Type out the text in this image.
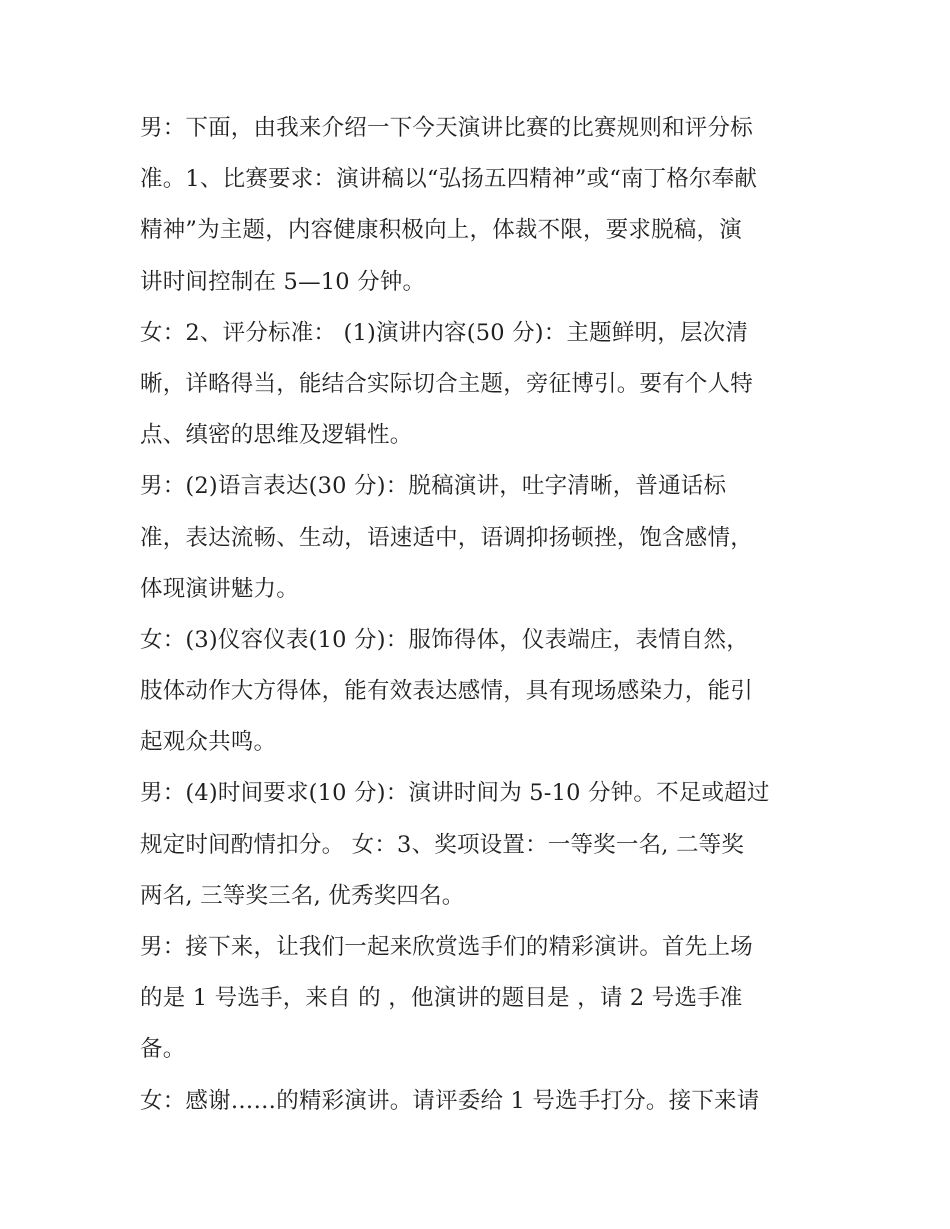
男：下面，由我来介绍一下今天演讲比赛的比赛规则和评分标
准。1、比赛要求：演讲稿以“弘扬五四精神”或“南丁格尔奉献
精神”为主题，内容健康积极向上，体裁不限，要求脱稿，演
讲时间控制在 5—10 分钟。
女：2、评分标准： (1)演讲内容(50 分)：主题鲜明，层次清
晰，详略得当，能结合实际切合主题，旁征博引。要有个人特
点、缜密的思维及逻辑性。
男：(2)语言表达(30 分)：脱稿演讲，吐字清晰，普通话标
准，表达流畅、生动，语速适中，语调抑扬顿挫，饱含感情，
体现演讲魅力。
女：(3)仪容仪表(10 分)：服饰得体，仪表端庄，表情自然，
肢体动作大方得体，能有效表达感情，具有现场感染力，能引
起观众共鸣。
男：(4)时间要求(10 分)：演讲时间为 5-10 分钟。不足或超过
规定时间酌情扣分。 女：3、奖项设置：一等奖一名, 二等奖
两名, 三等奖三名, 优秀奖四名。
男：接下来，让我们一起来欣赏选手们的精彩演讲。首先上场
的是 1 号选手，来自 的 ，他演讲的题目是 ，请 2 号选手准
备。
女：感谢……的精彩演讲。请评委给 1 号选手打分。接下来请
